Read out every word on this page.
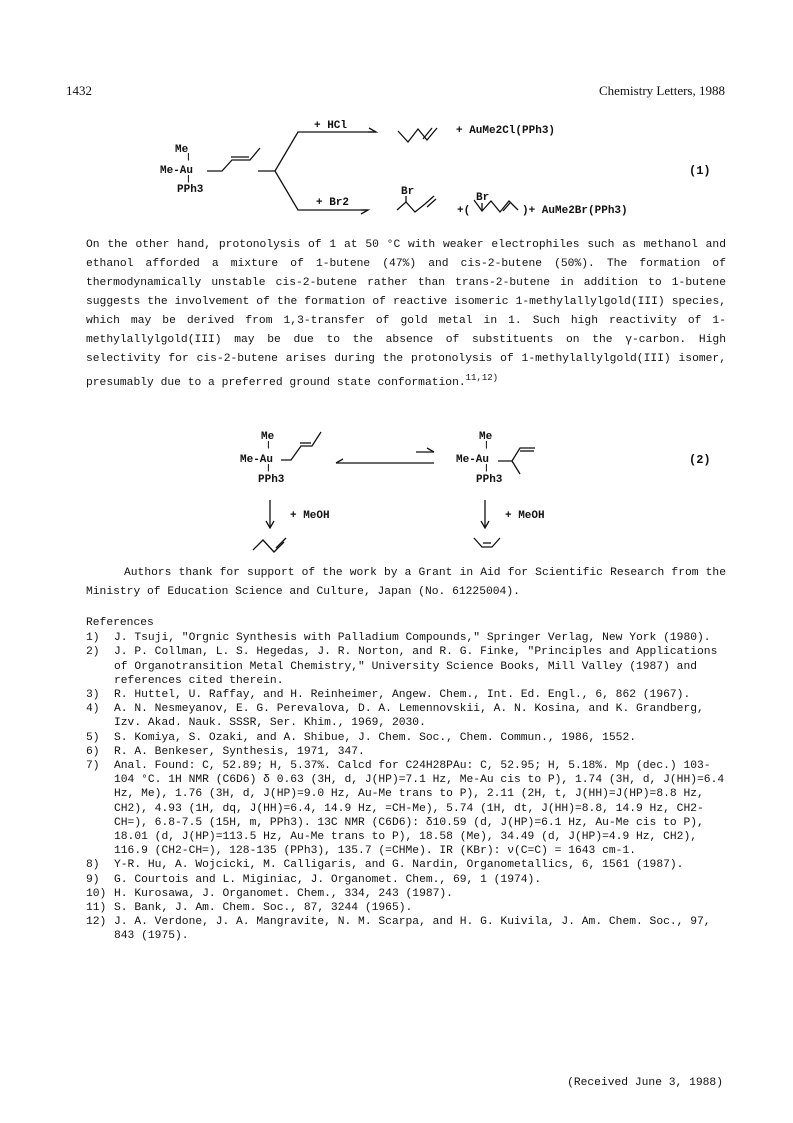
1432	Chemistry Letters, 1988
Me
|
Me-Au
|
PPh3
+ HCl	+ AuMe2Cl(PPh3)
+ Br2
Br	Br
+(	)+ AuMe2Br(PPh3)
(1)

On the other hand, protonolysis of 1 at 50 °C with weaker electrophiles such as methanol and ethanol afforded a mixture of 1-butene (47%) and cis-2-butene (50%). The formation of thermodynamically unstable cis-2-butene rather than trans-2-butene in addition to 1-butene suggests the involvement of the formation of reactive isomeric 1-methylallylgold(III) species, which may be derived from 1,3-transfer of gold metal in 1. Such high reactivity of 1-methylallylgold(III) may be due to the absence of substituents on the γ-carbon. High selectivity for cis-2-butene arises during the protonolysis of 1-methylallylgold(III) isomer, presumably due to a preferred ground state conformation.$^{11,12)}$

Me
|
Me-Au
|
PPh3
Me
|
Me-Au
|
PPh3
+ MeOH	+ MeOH
(2)
Authors thank for support of the work by a Grant in Aid for Scientific Research from the Ministry of Education Science and Culture, Japan (No. 61225004).
References
1)	J. Tsuji, "Orgnic Synthesis with Palladium Compounds," Springer Verlag, New York (1980).
2)	J. P. Collman, L. S. Hegedas, J. R. Norton, and R. G. Finke, "Principles and Applications of Organotransition Metal Chemistry," University Science Books, Mill Valley (1987) and references cited therein.
3)	R. Huttel, U. Raffay, and H. Reinheimer, Angew. Chem., Int. Ed. Engl., 6, 862 (1967).
4)	A. N. Nesmeyanov, E. G. Perevalova, D. A. Lemennovskii, A. N. Kosina, and K. Grandberg, Izv. Akad. Nauk. SSSR, Ser. Khim., 1969, 2030.
5)	S. Komiya, S. Ozaki, and A. Shibue, J. Chem. Soc., Chem. Commun., 1986, 1552.
6)	R. A. Benkeser, Synthesis, 1971, 347.
7)	Anal. Found: C, 52.89; H, 5.37%. Calcd for C24H28PAu: C, 52.95; H, 5.18%. Mp (dec.) 103-104 °C. 1H NMR (C6D6) δ 0.63 (3H, d, J(HP)=7.1 Hz, Me-Au cis to P), 1.74 (3H, d, J(HH)=6.4 Hz, Me), 1.76 (3H, d, J(HP)=9.0 Hz, Au-Me trans to P), 2.11 (2H, t, J(HH)=J(HP)=8.8 Hz, CH2), 4.93 (1H, dq, J(HH)=6.4, 14.9 Hz, =CH-Me), 5.74 (1H, dt, J(HH)=8.8, 14.9 Hz, CH2-CH=), 6.8-7.5 (15H, m, PPh3). 13C NMR (C6D6): δ10.59 (d, J(HP)=6.1 Hz, Au-Me cis to P), 18.01 (d, J(HP)=113.5 Hz, Au-Me trans to P), 18.58 (Me), 34.49 (d, J(HP)=4.9 Hz, CH2), 116.9 (CH2-CH=), 128-135 (PPh3), 135.7 (=CHMe). IR (KBr): ν(C=C) = 1643 cm-1.
8)	Y-R. Hu, A. Wojcicki, M. Calligaris, and G. Nardin, Organometallics, 6, 1561 (1987).
9)	G. Courtois and L. Miginiac, J. Organomet. Chem., 69, 1 (1974).
10) H. Kurosawa, J. Organomet. Chem., 334, 243 (1987).
11) S. Bank, J. Am. Chem. Soc., 87, 3244 (1965).
12) J. A. Verdone, J. A. Mangravite, N. M. Scarpa, and H. G. Kuivila, J. Am. Chem. Soc., 97, 843 (1975).
(Received June 3, 1988)
